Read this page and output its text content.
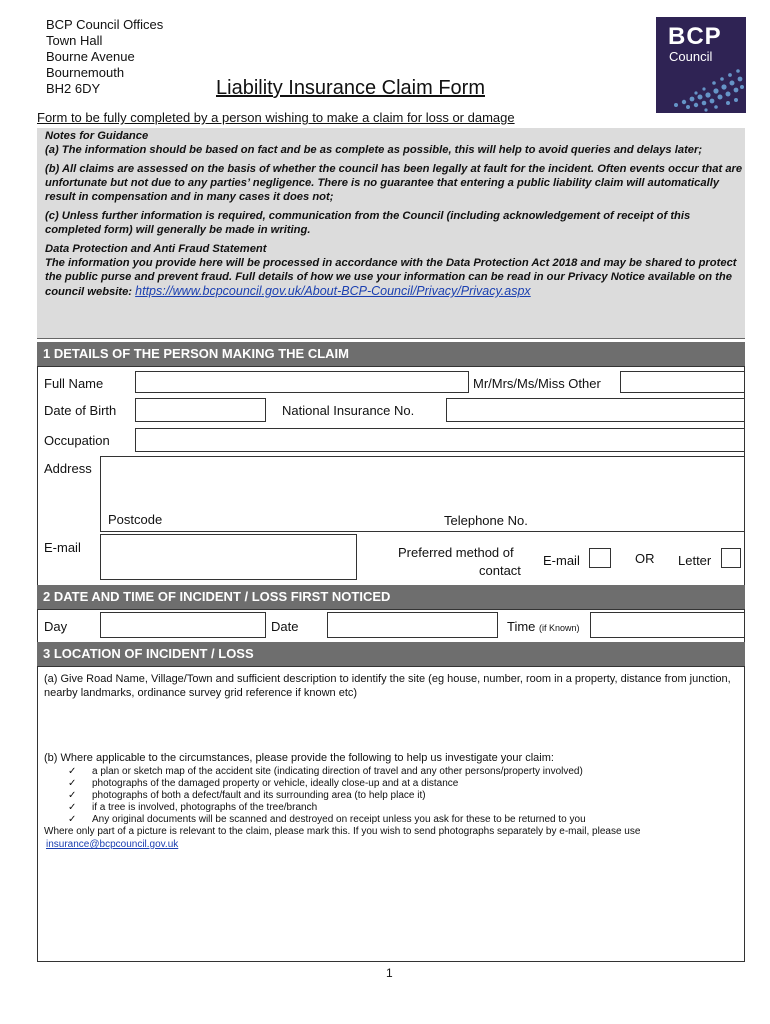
BCP Council Offices
Town Hall
Bourne Avenue
Bournemouth
BH2 6DY	Liability Insurance Claim Form
BCP
Council
Form to be fully completed by a person wishing to make a claim for loss or damage

Notes for Guidance

(a) The information should be based on fact and be as complete as possible, this will help to avoid queries and delays later;

(b) All claims are assessed on the basis of whether the council has been legally at fault for the incident. Often events occur that are unfortunate but not due to any parties’ negligence. There is no guarantee that entering a public liability claim will automatically result in compensation and in many cases it does not;

(c) Unless further information is required, communication from the Council (including acknowledgement of receipt of this completed form) will generally be made in writing.

Data Protection and Anti Fraud Statement

The information you provide here will be processed in accordance with the Data Protection Act 2018 and may be shared to protect the public purse and prevent fraud. Full details of how we use your information can be read in our Privacy Notice available on the council website: https://www.bcpcouncil.gov.uk/About-BCP-Council/Privacy/Privacy.aspx

1 DETAILS OF THE PERSON MAKING THE CLAIM
Full Name	Mr/Mrs/Ms/Miss Other
Date of Birth	National Insurance No.
Occupation
Address
Postcode	Telephone No.
E-mail	Preferred method of
contact
E-mail	OR Letter
2 DATE AND TIME OF INCIDENT / LOSS FIRST NOTICED
Day	Date	Time (if Known)
3 LOCATION OF INCIDENT / LOSS
(a) Give Road Name, Village/Town and sufficient description to identify the site (eg house, number, room in a property, distance from junction, nearby landmarks, ordinance survey grid reference if known etc)
(b) Where applicable to the circumstances, please provide the following to help us investigate your claim:
✓ a plan or sketch map of the accident site (indicating direction of travel and any other persons/property involved)
✓ photographs of the damaged property or vehicle, ideally close-up and at a distance
✓ photographs of both a defect/fault and its surrounding area (to help place it)
✓ if a tree is involved, photographs of the tree/branch
✓ Any original documents will be scanned and destroyed on receipt unless you ask for these to be returned to you
Where only part of a picture is relevant to the claim, please mark this. If you wish to send photographs separately by e-mail, please use
insurance@bcpcouncil.gov.uk
1
